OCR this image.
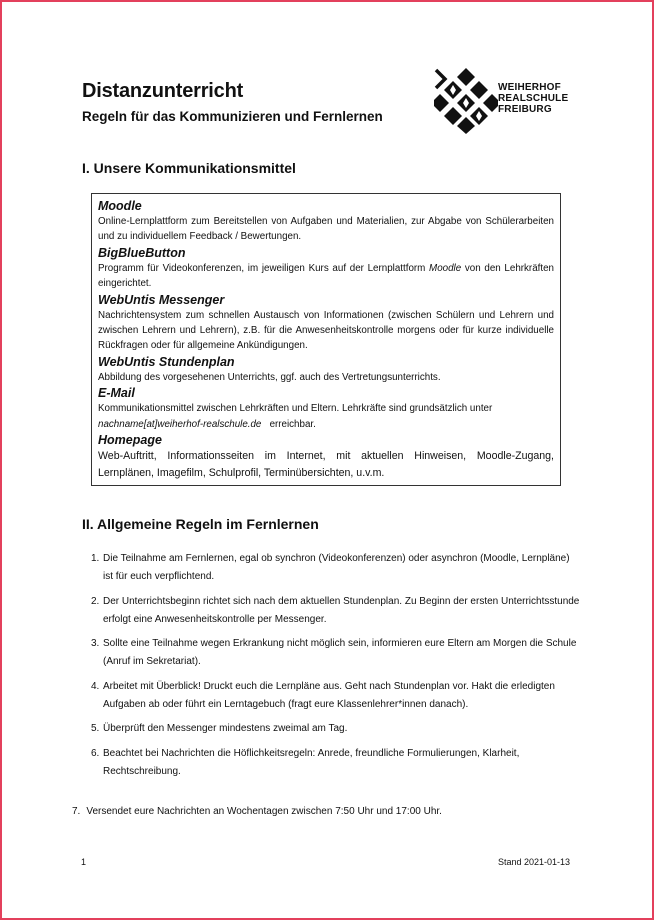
Distanzunterricht
Regeln für das Kommunizieren und Fernlernen
WEIHERHOF
REALSCHULE
FREIBURG
I. Unsere Kommunikationsmittel
Moodle
Online-Lernplattform zum Bereitstellen von Aufgaben und Materialien, zur Abgabe von Schülerarbeiten und zu individuellem Feedback / Bewertungen.
BigBlueButton
Programm für Videokonferenzen, im jeweiligen Kurs auf der Lernplattform Moodle von den Lehrkräften eingerichtet.
WebUntis Messenger
Nachrichtensystem zum schnellen Austausch von Informationen (zwischen Schülern und Lehrern und zwischen Lehrern und Lehrern), z.B. für die Anwesenheitskontrolle morgens oder für kurze individuelle Rückfragen oder für allgemeine Ankündigungen.
WebUntis Stundenplan
Abbildung des vorgesehenen Unterrichts, ggf. auch des Vertretungsunterrichts.
E-Mail
Kommunikationsmittel zwischen Lehrkräften und Eltern. Lehrkräfte sind grundsätzlich unter
nachname[at]weiherhof-realschule.de erreichbar.
Homepage
Web-Auftritt, Informationsseiten im Internet, mit aktuellen Hinweisen, Moodle-Zugang, Lernplänen, Imagefilm, Schulprofil, Terminübersichten, u.v.m.
II. Allgemeine Regeln im Fernlernen
1. Die Teilnahme am Fernlernen, egal ob synchron (Videokonferenzen) oder asynchron (Moodle, Lernpläne) ist für euch verpflichtend.
2. Der Unterrichtsbeginn richtet sich nach dem aktuellen Stundenplan. Zu Beginn der ersten Unterrichtsstunde erfolgt eine Anwesenheitskontrolle per Messenger.
3. Sollte eine Teilnahme wegen Erkrankung nicht möglich sein, informieren eure Eltern am Morgen die Schule (Anruf im Sekretariat).
4. Arbeitet mit Überblick! Druckt euch die Lernpläne aus. Geht nach Stundenplan vor. Hakt die erledigten Aufgaben ab oder führt ein Lerntagebuch (fragt eure Klassenlehrer*innen danach).
5. Überprüft den Messenger mindestens zweimal am Tag.
6. Beachtet bei Nachrichten die Höflichkeitsregeln: Anrede, freundliche Formulierungen, Klarheit, Rechtschreibung.
7. Versendet eure Nachrichten an Wochentagen zwischen 7:50 Uhr und 17:00 Uhr.
1	Stand 2021-01-13
